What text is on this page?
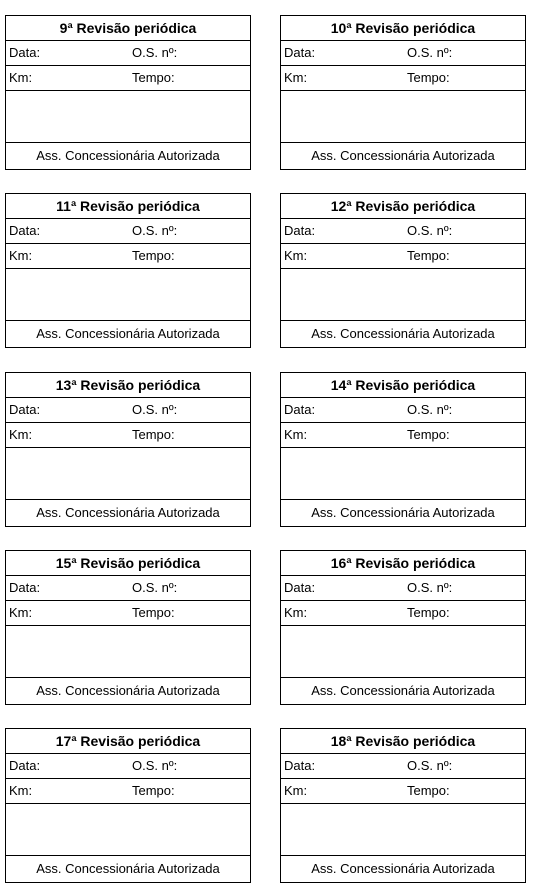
9ª Revisão periódica
Data:	O.S. nº:
Km:	Tempo:
Ass. Concessionária Autorizada
10ª Revisão periódica
Data:	O.S. nº:
Km:	Tempo:
Ass. Concessionária Autorizada
11ª Revisão periódica
Data:	O.S. nº:
Km:	Tempo:
Ass. Concessionária Autorizada
12ª Revisão periódica
Data:	O.S. nº:
Km:	Tempo:
Ass. Concessionária Autorizada
13ª Revisão periódica
Data:	O.S. nº:
Km:	Tempo:
Ass. Concessionária Autorizada
14ª Revisão periódica
Data:	O.S. nº:
Km:	Tempo:
Ass. Concessionária Autorizada
15ª Revisão periódica
Data:	O.S. nº:
Km:	Tempo:
Ass. Concessionária Autorizada
16ª Revisão periódica
Data:	O.S. nº:
Km:	Tempo:
Ass. Concessionária Autorizada
17ª Revisão periódica
Data:	O.S. nº:
Km:	Tempo:
Ass. Concessionária Autorizada
18ª Revisão periódica
Data:	O.S. nº:
Km:	Tempo:
Ass. Concessionária Autorizada
